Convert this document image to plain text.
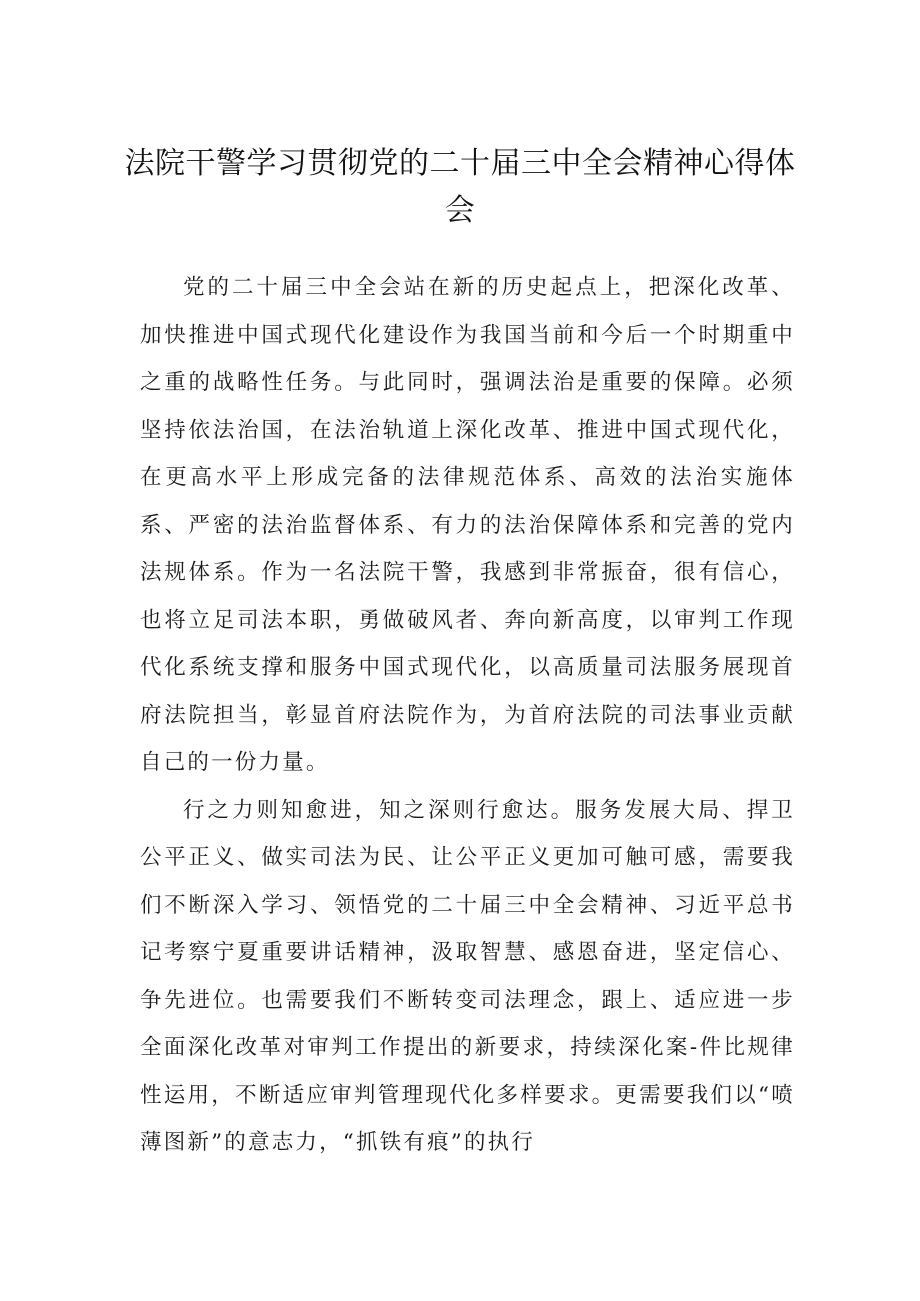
法院干警学习贯彻党的二十届三中全会精神心得体会

党的二十届三中全会站在新的历史起点上，把深化改革、加快推进中国式现代化建设作为我国当前和今后一个时期重中之重的战略性任务。与此同时，强调法治是重要的保障。必须坚持依法治国，在法治轨道上深化改革、推进中国式现代化，在更高水平上形成完备的法律规范体系、高效的法治实施体系、严密的法治监督体系、有力的法治保障体系和完善的党内法规体系。作为一名法院干警，我感到非常振奋，很有信心，也将立足司法本职，勇做破风者、奔向新高度，以审判工作现代化系统支撑和服务中国式现代化，以高质量司法服务展现首府法院担当，彰显首府法院作为，为首府法院的司法事业贡献自己的一份力量。

行之力则知愈进，知之深则行愈达。服务发展大局、捍卫公平正义、做实司法为民、让公平正义更加可触可感，需要我们不断深入学习、领悟党的二十届三中全会精神、习近平总书记考察宁夏重要讲话精神，汲取智慧、感恩奋进，坚定信心、争先进位。也需要我们不断转变司法理念，跟上、适应进一步全面深化改革对审判工作提出的新要求，持续深化案-件比规律性运用，不断适应审判管理现代化多样要求。更需要我们以“喷薄图新”的意志力，“抓铁有痕”的执行
